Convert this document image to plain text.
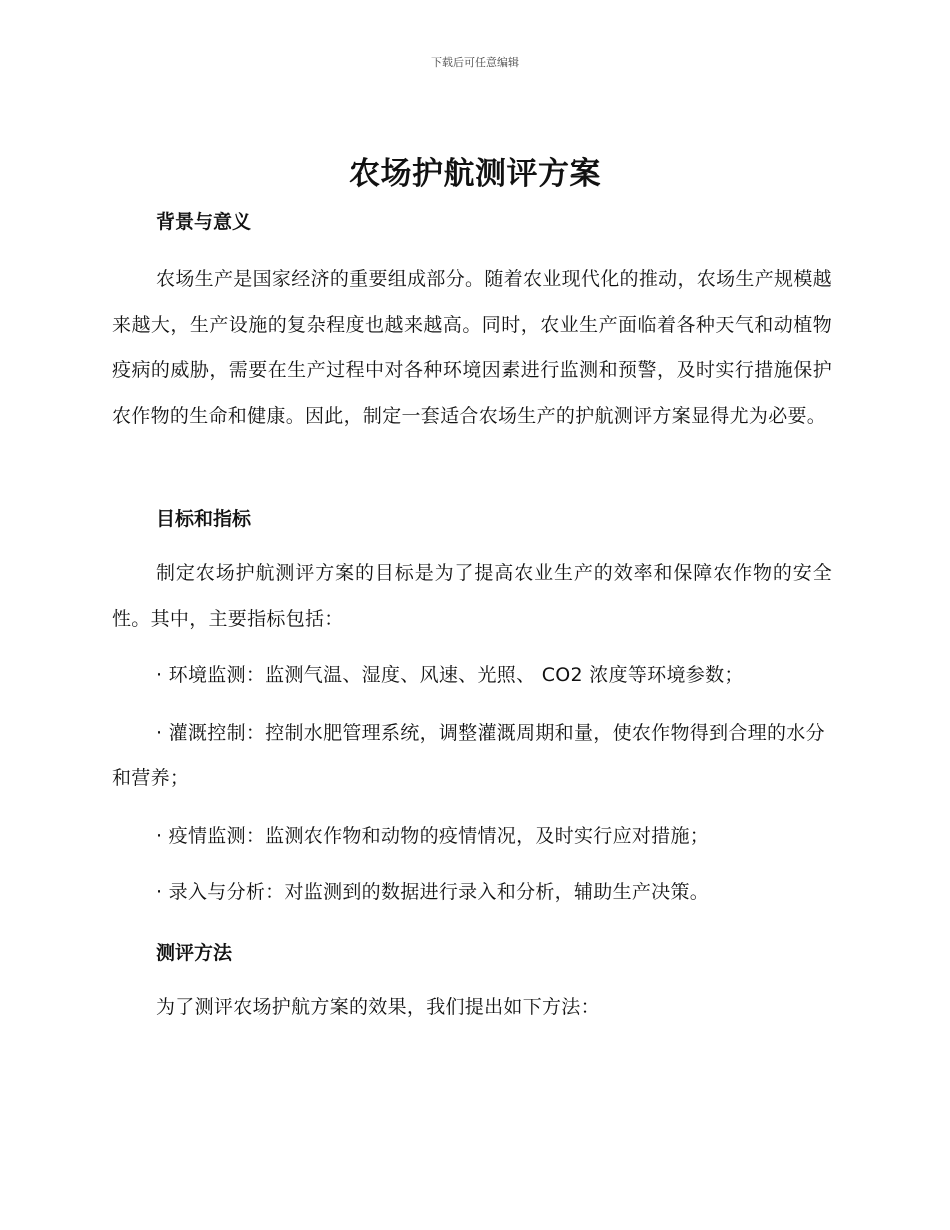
下载后可任意编辑
农场护航测评方案
背景与意义
农场生产是国家经济的重要组成部分。随着农业现代化的推动，农场生产规模越来越大，生产设施的复杂程度也越来越高。同时，农业生产面临着各种天气和动植物疫病的威胁，需要在生产过程中对各种环境因素进行监测和预警，及时实行措施保护农作物的生命和健康。因此，制定一套适合农场生产的护航测评方案显得尤为必要。
目标和指标
制定农场护航测评方案的目标是为了提高农业生产的效率和保障农作物的安全性。其中，主要指标包括：
· 环境监测：监测气温、湿度、风速、光照、 CO2 浓度等环境参数；
· 灌溉控制：控制水肥管理系统，调整灌溉周期和量，使农作物得到合理的水分和营养；
· 疫情监测：监测农作物和动物的疫情情况，及时实行应对措施；
· 录入与分析：对监测到的数据进行录入和分析，辅助生产决策。
测评方法
为了测评农场护航方案的效果，我们提出如下方法：
